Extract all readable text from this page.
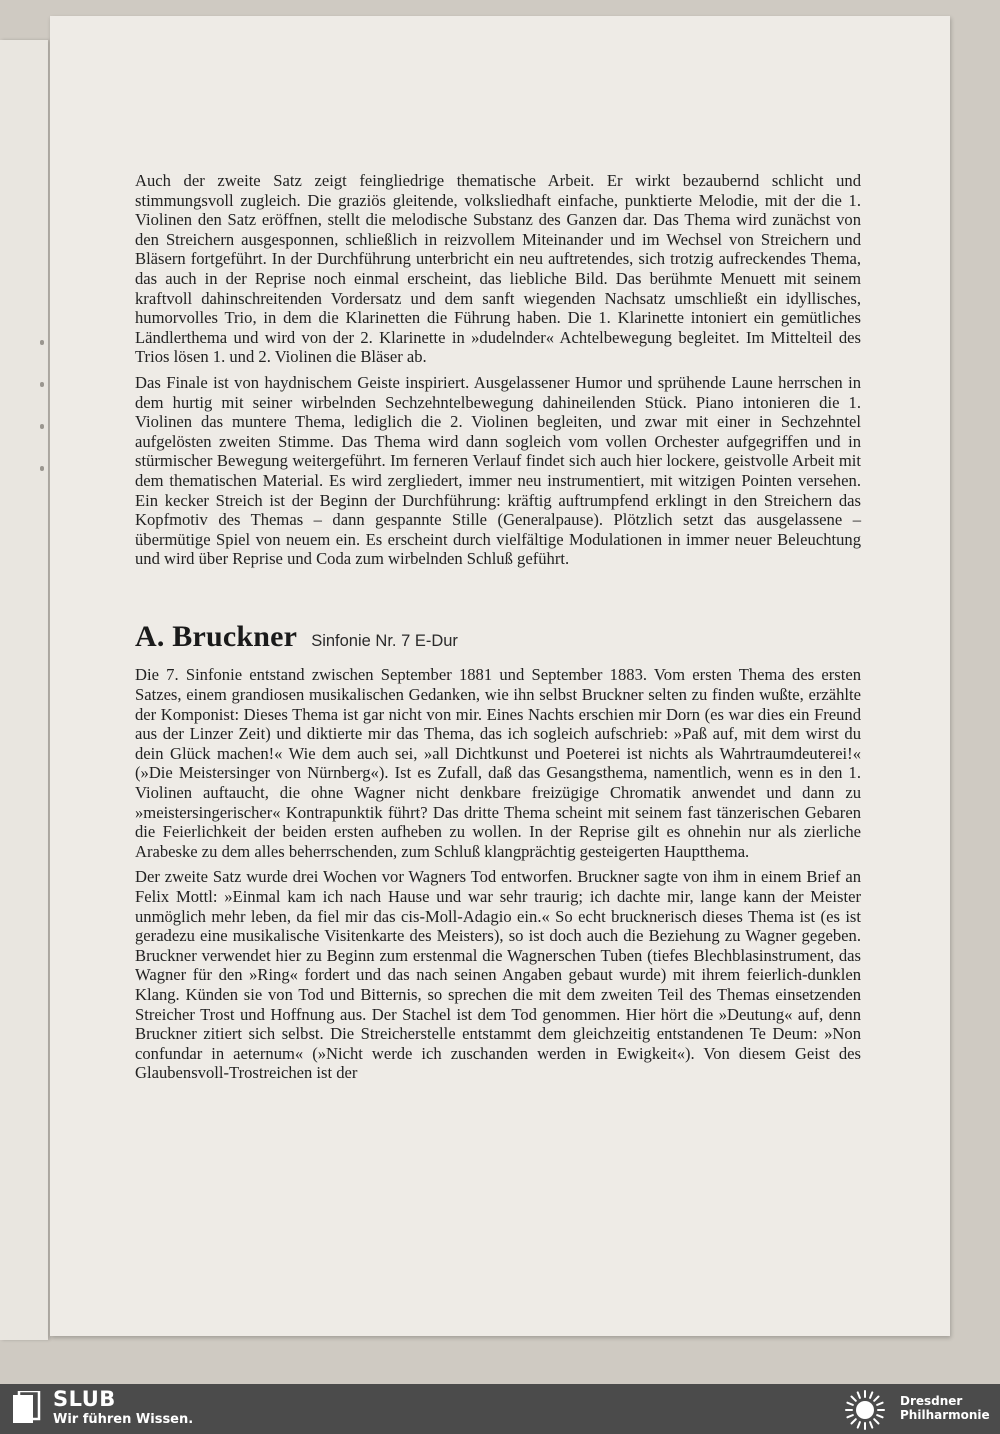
Auch der zweite Satz zeigt feingliedrige thematische Arbeit. Er wirkt bezaubernd schlicht und stimmungsvoll zugleich. Die graziös gleitende, volksliedhaft einfache, punktierte Melodie, mit der die 1. Violinen den Satz eröffnen, stellt die melodische Substanz des Ganzen dar. Das Thema wird zunächst von den Streichern ausgesponnen, schließlich in reizvollem Miteinander und im Wechsel von Streichern und Bläsern fortgeführt. In der Durchführung unterbricht ein neu auftretendes, sich trotzig aufreckendes Thema, das auch in der Reprise noch einmal erscheint, das liebliche Bild. Das berühmte Menuett mit seinem kraftvoll dahinschreitenden Vordersatz und dem sanft wiegenden Nachsatz umschließt ein idyllisches, humorvolles Trio, in dem die Klarinetten die Führung haben. Die 1. Klarinette intoniert ein gemütliches Ländlerthema und wird von der 2. Klarinette in »dudelnder« Achtelbewegung begleitet. Im Mittelteil des Trios lösen 1. und 2. Violinen die Bläser ab.

Das Finale ist von haydnischem Geiste inspiriert. Ausgelassener Humor und sprühende Laune herrschen in dem hurtig mit seiner wirbelnden Sechzehntelbewegung dahineilenden Stück. Piano intonieren die 1. Violinen das muntere Thema, lediglich die 2. Violinen begleiten, und zwar mit einer in Sechzehntel aufgelösten zweiten Stimme. Das Thema wird dann sogleich vom vollen Orchester aufgegriffen und in stürmischer Bewegung weitergeführt. Im ferneren Verlauf findet sich auch hier lockere, geistvolle Arbeit mit dem thematischen Material. Es wird zergliedert, immer neu instrumentiert, mit witzigen Pointen versehen. Ein kecker Streich ist der Beginn der Durchführung: kräftig auftrumpfend erklingt in den Streichern das Kopfmotiv des Themas – dann gespannte Stille (Generalpause). Plötzlich setzt das ausgelassene – übermütige Spiel von neuem ein. Es erscheint durch vielfältige Modulationen in immer neuer Beleuchtung und wird über Reprise und Coda zum wirbelnden Schluß geführt.

A. Bruckner Sinfonie Nr. 7 E-Dur

Die 7. Sinfonie entstand zwischen September 1881 und September 1883. Vom ersten Thema des ersten Satzes, einem grandiosen musikalischen Gedanken, wie ihn selbst Bruckner selten zu finden wußte, erzählte der Komponist: Dieses Thema ist gar nicht von mir. Eines Nachts erschien mir Dorn (es war dies ein Freund aus der Linzer Zeit) und diktierte mir das Thema, das ich sogleich aufschrieb: »Paß auf, mit dem wirst du dein Glück machen!« Wie dem auch sei, »all Dichtkunst und Poeterei ist nichts als Wahrtraumdeuterei!« (»Die Meistersinger von Nürnberg«). Ist es Zufall, daß das Gesangsthema, namentlich, wenn es in den 1. Violinen auftaucht, die ohne Wagner nicht denkbare freizügige Chromatik anwendet und dann zu »meistersingerischer« Kontrapunktik führt? Das dritte Thema scheint mit seinem fast tänzerischen Gebaren die Feierlichkeit der beiden ersten aufheben zu wollen. In der Reprise gilt es ohnehin nur als zierliche Arabeske zu dem alles beherrschenden, zum Schluß klangprächtig gesteigerten Hauptthema.

Der zweite Satz wurde drei Wochen vor Wagners Tod entworfen. Bruckner sagte von ihm in einem Brief an Felix Mottl: »Einmal kam ich nach Hause und war sehr traurig; ich dachte mir, lange kann der Meister unmöglich mehr leben, da fiel mir das cis-Moll-Adagio ein.« So echt brucknerisch dieses Thema ist (es ist geradezu eine musikalische Visitenkarte des Meisters), so ist doch auch die Beziehung zu Wagner gegeben. Bruckner verwendet hier zu Beginn zum erstenmal die Wagnerschen Tuben (tiefes Blechblasinstrument, das Wagner für den »Ring« fordert und das nach seinen Angaben gebaut wurde) mit ihrem feierlich-dunklen Klang. Künden sie von Tod und Bitternis, so sprechen die mit dem zweiten Teil des Themas einsetzenden Streicher Trost und Hoffnung aus. Der Stachel ist dem Tod genommen. Hier hört die »Deutung« auf, denn Bruckner zitiert sich selbst. Die Streicherstelle entstammt dem gleichzeitig entstandenen Te Deum: »Non confundar in aeternum« (»Nicht werde ich zuschanden werden in Ewigkeit«). Von diesem Geist des Glaubensvoll-Trostreichen ist der

SLUB
Wir führen Wissen.
Dresdner
Philharmonie
